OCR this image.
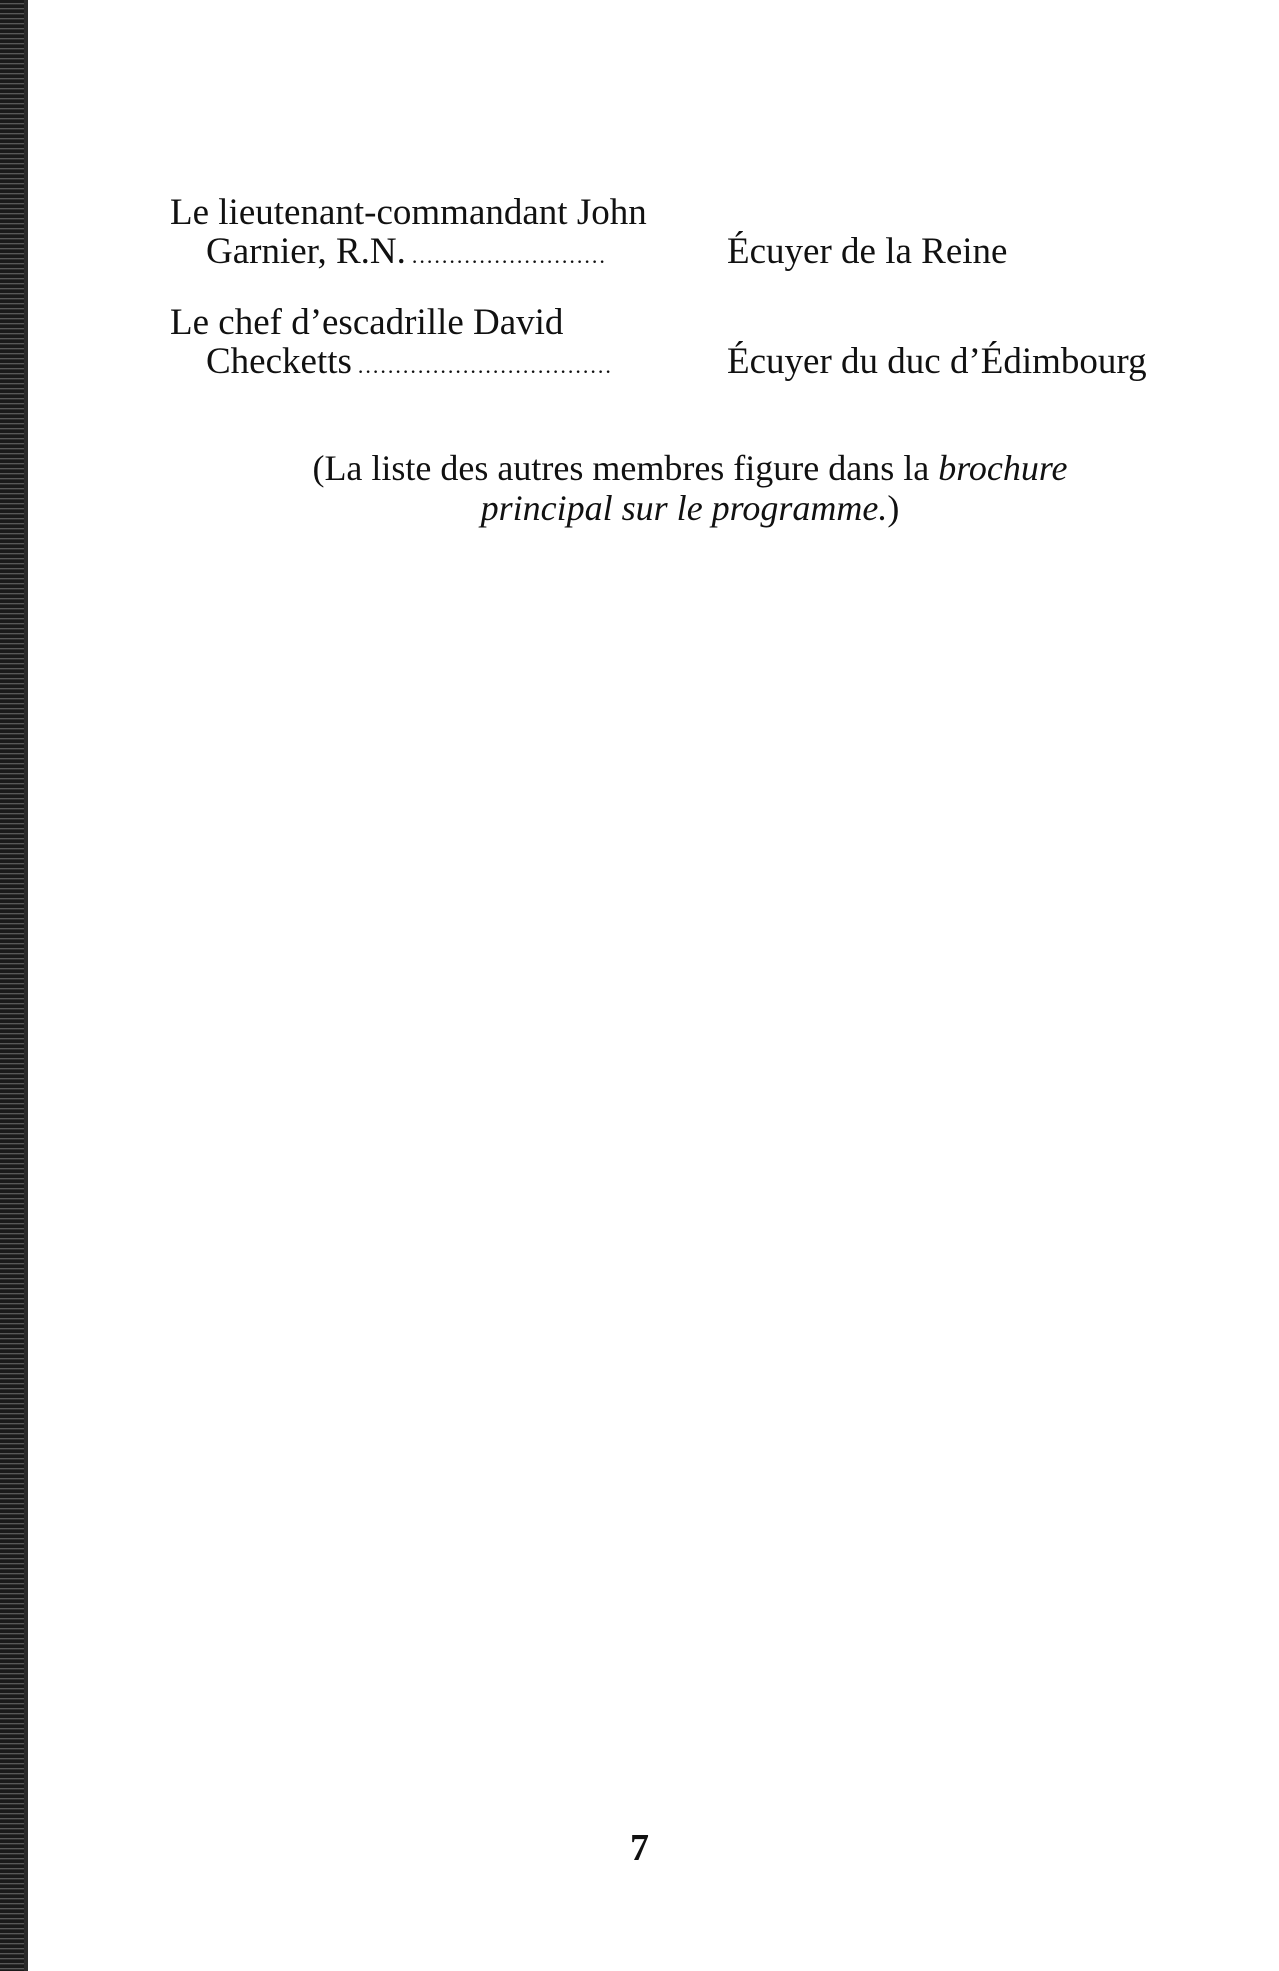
Le lieutenant-commandant John
Garnier, R.N. ..........................	Écuyer de la Reine
Le chef d’escadrille David
Checketts ..................................	Écuyer du duc d’Édimbourg
(La liste des autres membres figure dans la brochure
principal sur le programme.)
7
